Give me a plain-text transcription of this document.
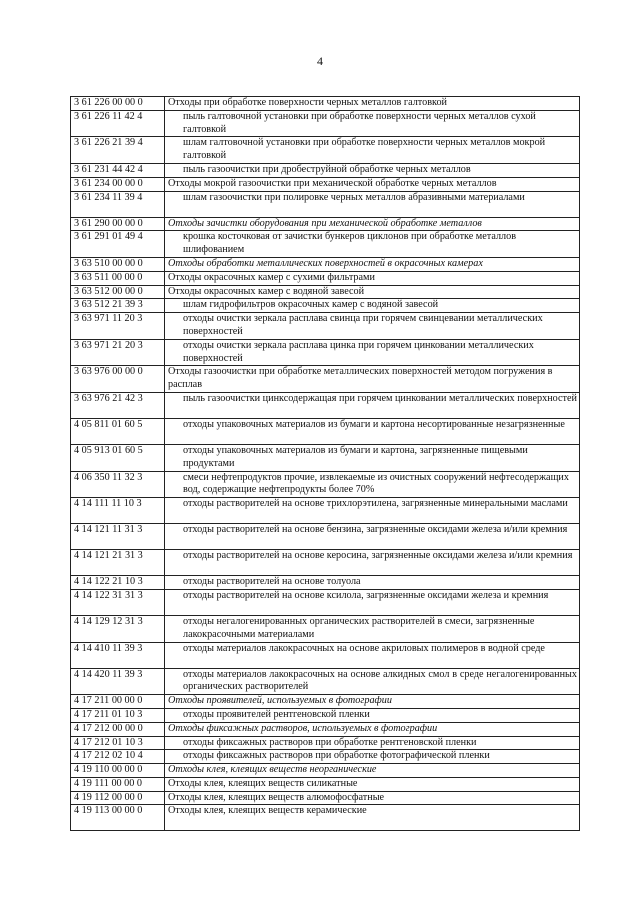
4
3 61 226 00 00 0	Отходы при обработке поверхности черных металлов галтовкой
3 61 226 11 42 4	пыль галтовочной установки при обработке поверхности черных металлов сухой галтовкой
3 61 226 21 39 4	шлам галтовочной установки при обработке поверхности черных металлов мокрой галтовкой
3 61 231 44 42 4	пыль газоочистки при дробеструйной обработке черных металлов
3 61 234 00 00 0	Отходы мокрой газоочистки при механической обработке черных металлов
3 61 234 11 39 4	шлам газоочистки при полировке черных металлов абразивными материалами
3 61 290 00 00 0	Отходы зачистки оборудования при механической обработке металлов
3 61 291 01 49 4	крошка косточковая от зачистки бункеров циклонов при обработке металлов шлифованием
3 63 510 00 00 0	Отходы обработки металлических поверхностей в окрасочных камерах
3 63 511 00 00 0	Отходы окрасочных камер с сухими фильтрами
3 63 512 00 00 0	Отходы окрасочных камер с водяной завесой
3 63 512 21 39 3	шлам гидрофильтров окрасочных камер с водяной завесой
3 63 971 11 20 3	отходы очистки зеркала расплава свинца при горячем свинцевании металлических поверхностей
3 63 971 21 20 3	отходы очистки зеркала расплава цинка при горячем цинковании металлических поверхностей
3 63 976 00 00 0	Отходы газоочистки при обработке металлических поверхностей методом погружения в расплав
3 63 976 21 42 3	пыль газоочистки цинксодержащая при горячем цинковании металлических поверхностей
4 05 811 01 60 5	отходы упаковочных материалов из бумаги и картона несортированные незагрязненные
4 05 913 01 60 5	отходы упаковочных материалов из бумаги и картона, загрязненные пищевыми продуктами
4 06 350 11 32 3	смеси нефтепродуктов прочие, извлекаемые из очистных сооружений нефтесодержащих вод, содержащие нефтепродукты более 70%
4 14 111 11 10 3	отходы растворителей на основе трихлорэтилена, загрязненные минеральными маслами
4 14 121 11 31 3	отходы растворителей на основе бензина, загрязненные оксидами железа и/или кремния
4 14 121 21 31 3	отходы растворителей на основе керосина, загрязненные оксидами железа и/или кремния
4 14 122 21 10 3	отходы растворителей на основе толуола
4 14 122 31 31 3	отходы растворителей на основе ксилола, загрязненные оксидами железа и кремния
4 14 129 12 31 3	отходы негалогенированных органических растворителей в смеси, загрязненные лакокрасочными материалами
4 14 410 11 39 3	отходы материалов лакокрасочных на основе акриловых полимеров в водной среде
4 14 420 11 39 3	отходы материалов лакокрасочных на основе алкидных смол в среде негалогенированных органических растворителей
4 17 211 00 00 0	Отходы проявителей, используемых в фотографии
4 17 211 01 10 3	отходы проявителей рентгеновской пленки
4 17 212 00 00 0	Отходы фиксажных растворов, используемых в фотографии
4 17 212 01 10 3	отходы фиксажных растворов при обработке рентгеновской пленки
4 17 212 02 10 4	отходы фиксажных растворов при обработке фотографической пленки
4 19 110 00 00 0	Отходы клея, клеящих веществ неорганические
4 19 111 00 00 0	Отходы клея, клеящих веществ силикатные
4 19 112 00 00 0	Отходы клея, клеящих веществ алюмофосфатные
4 19 113 00 00 0	Отходы клея, клеящих веществ керамические
